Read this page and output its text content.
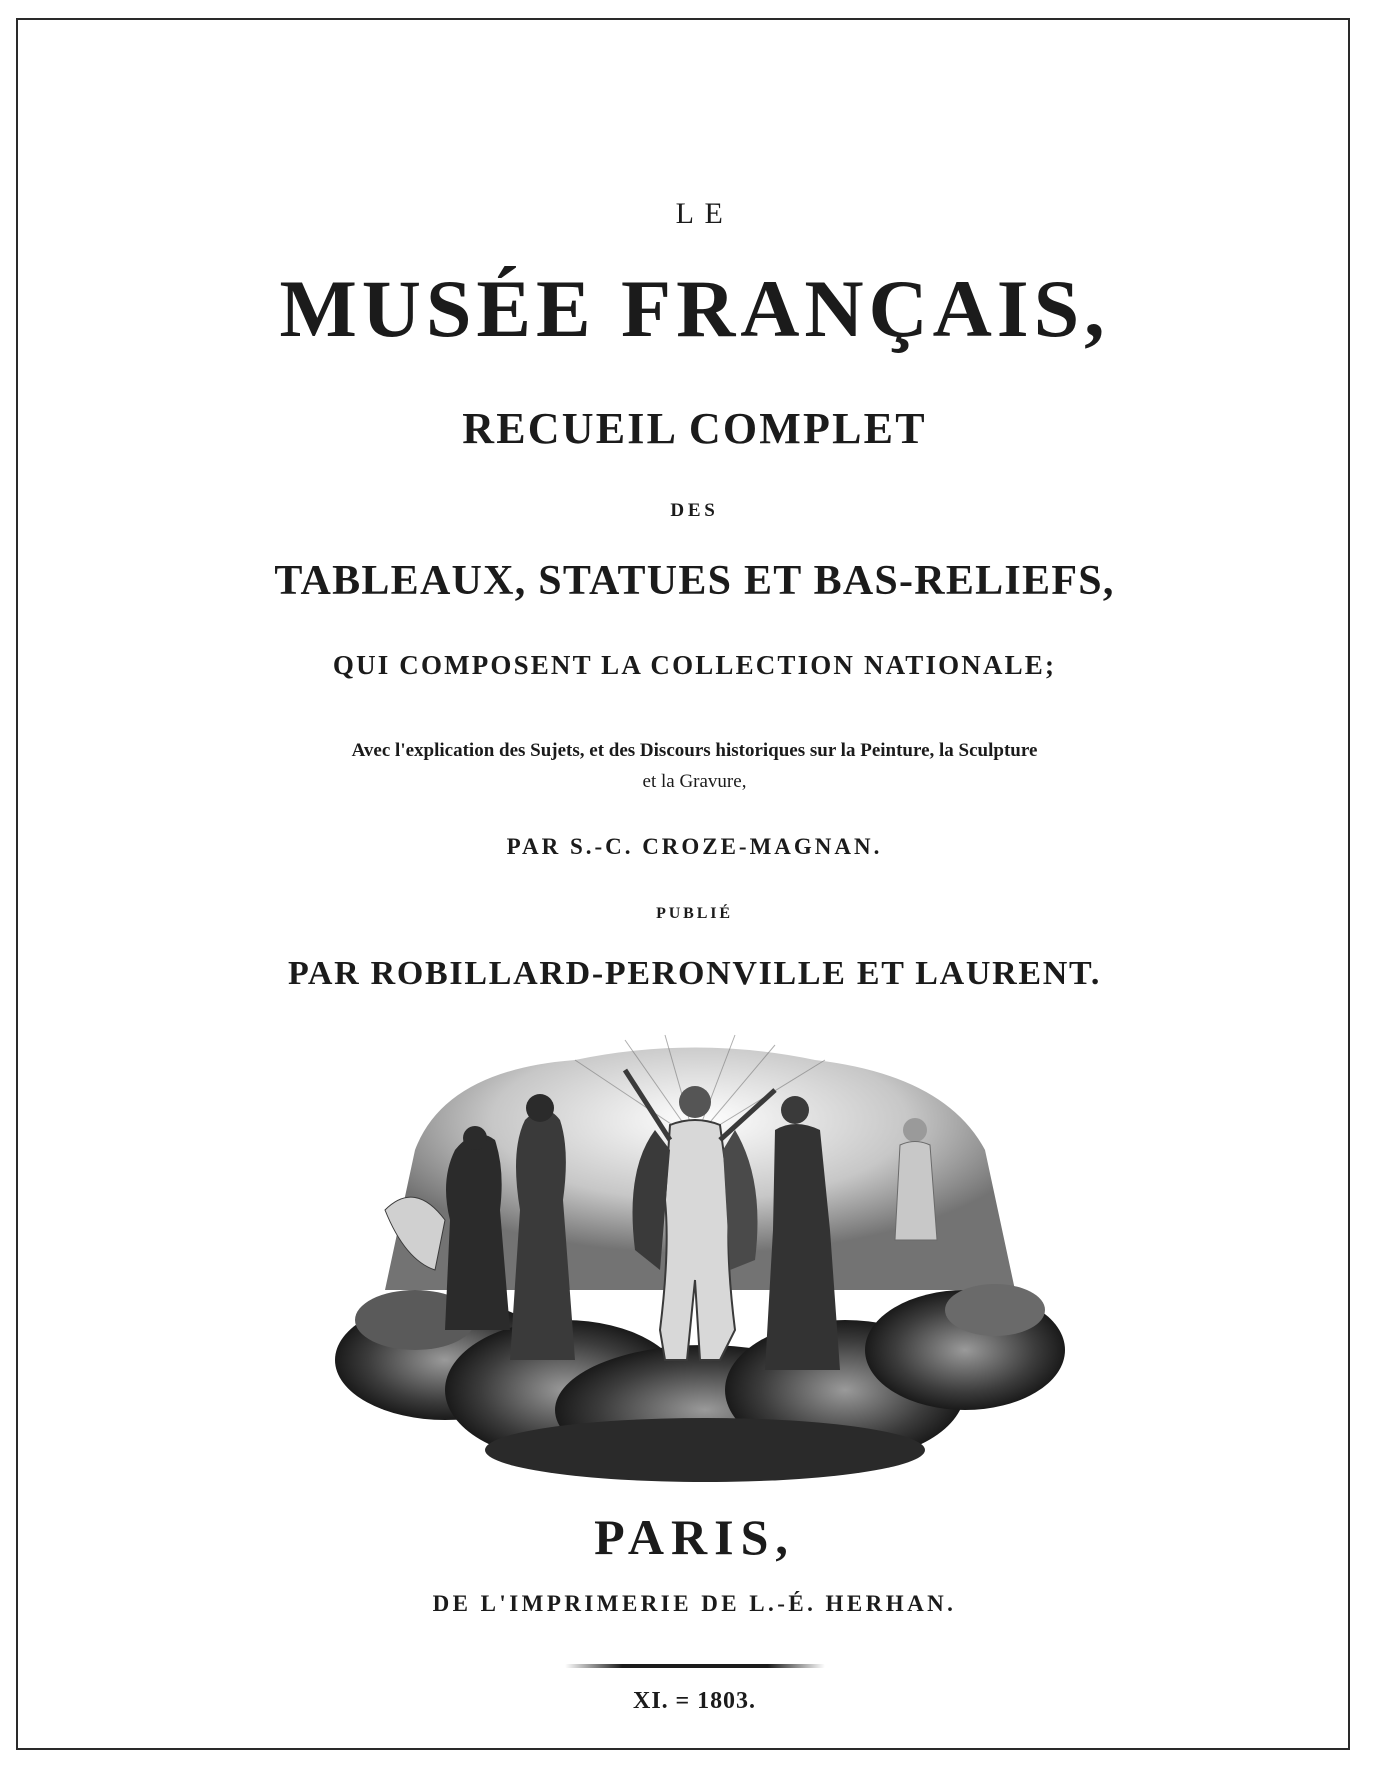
LE
MUSÉE FRANÇAIS,
RECUEIL COMPLET
DES
TABLEAUX, STATUES ET BAS-RELIEFS,
QUI COMPOSENT LA COLLECTION NATIONALE;
Avec l'explication des Sujets, et des Discours historiques sur la Peinture, la Sculpture
et la Gravure,
PAR S.-C. CROZE-MAGNAN.
PUBLIÉ
PAR ROBILLARD-PERONVILLE ET LAURENT.
PARIS,
DE L'IMPRIMERIE DE L.-É. HERHAN.
XI. = 1803.
